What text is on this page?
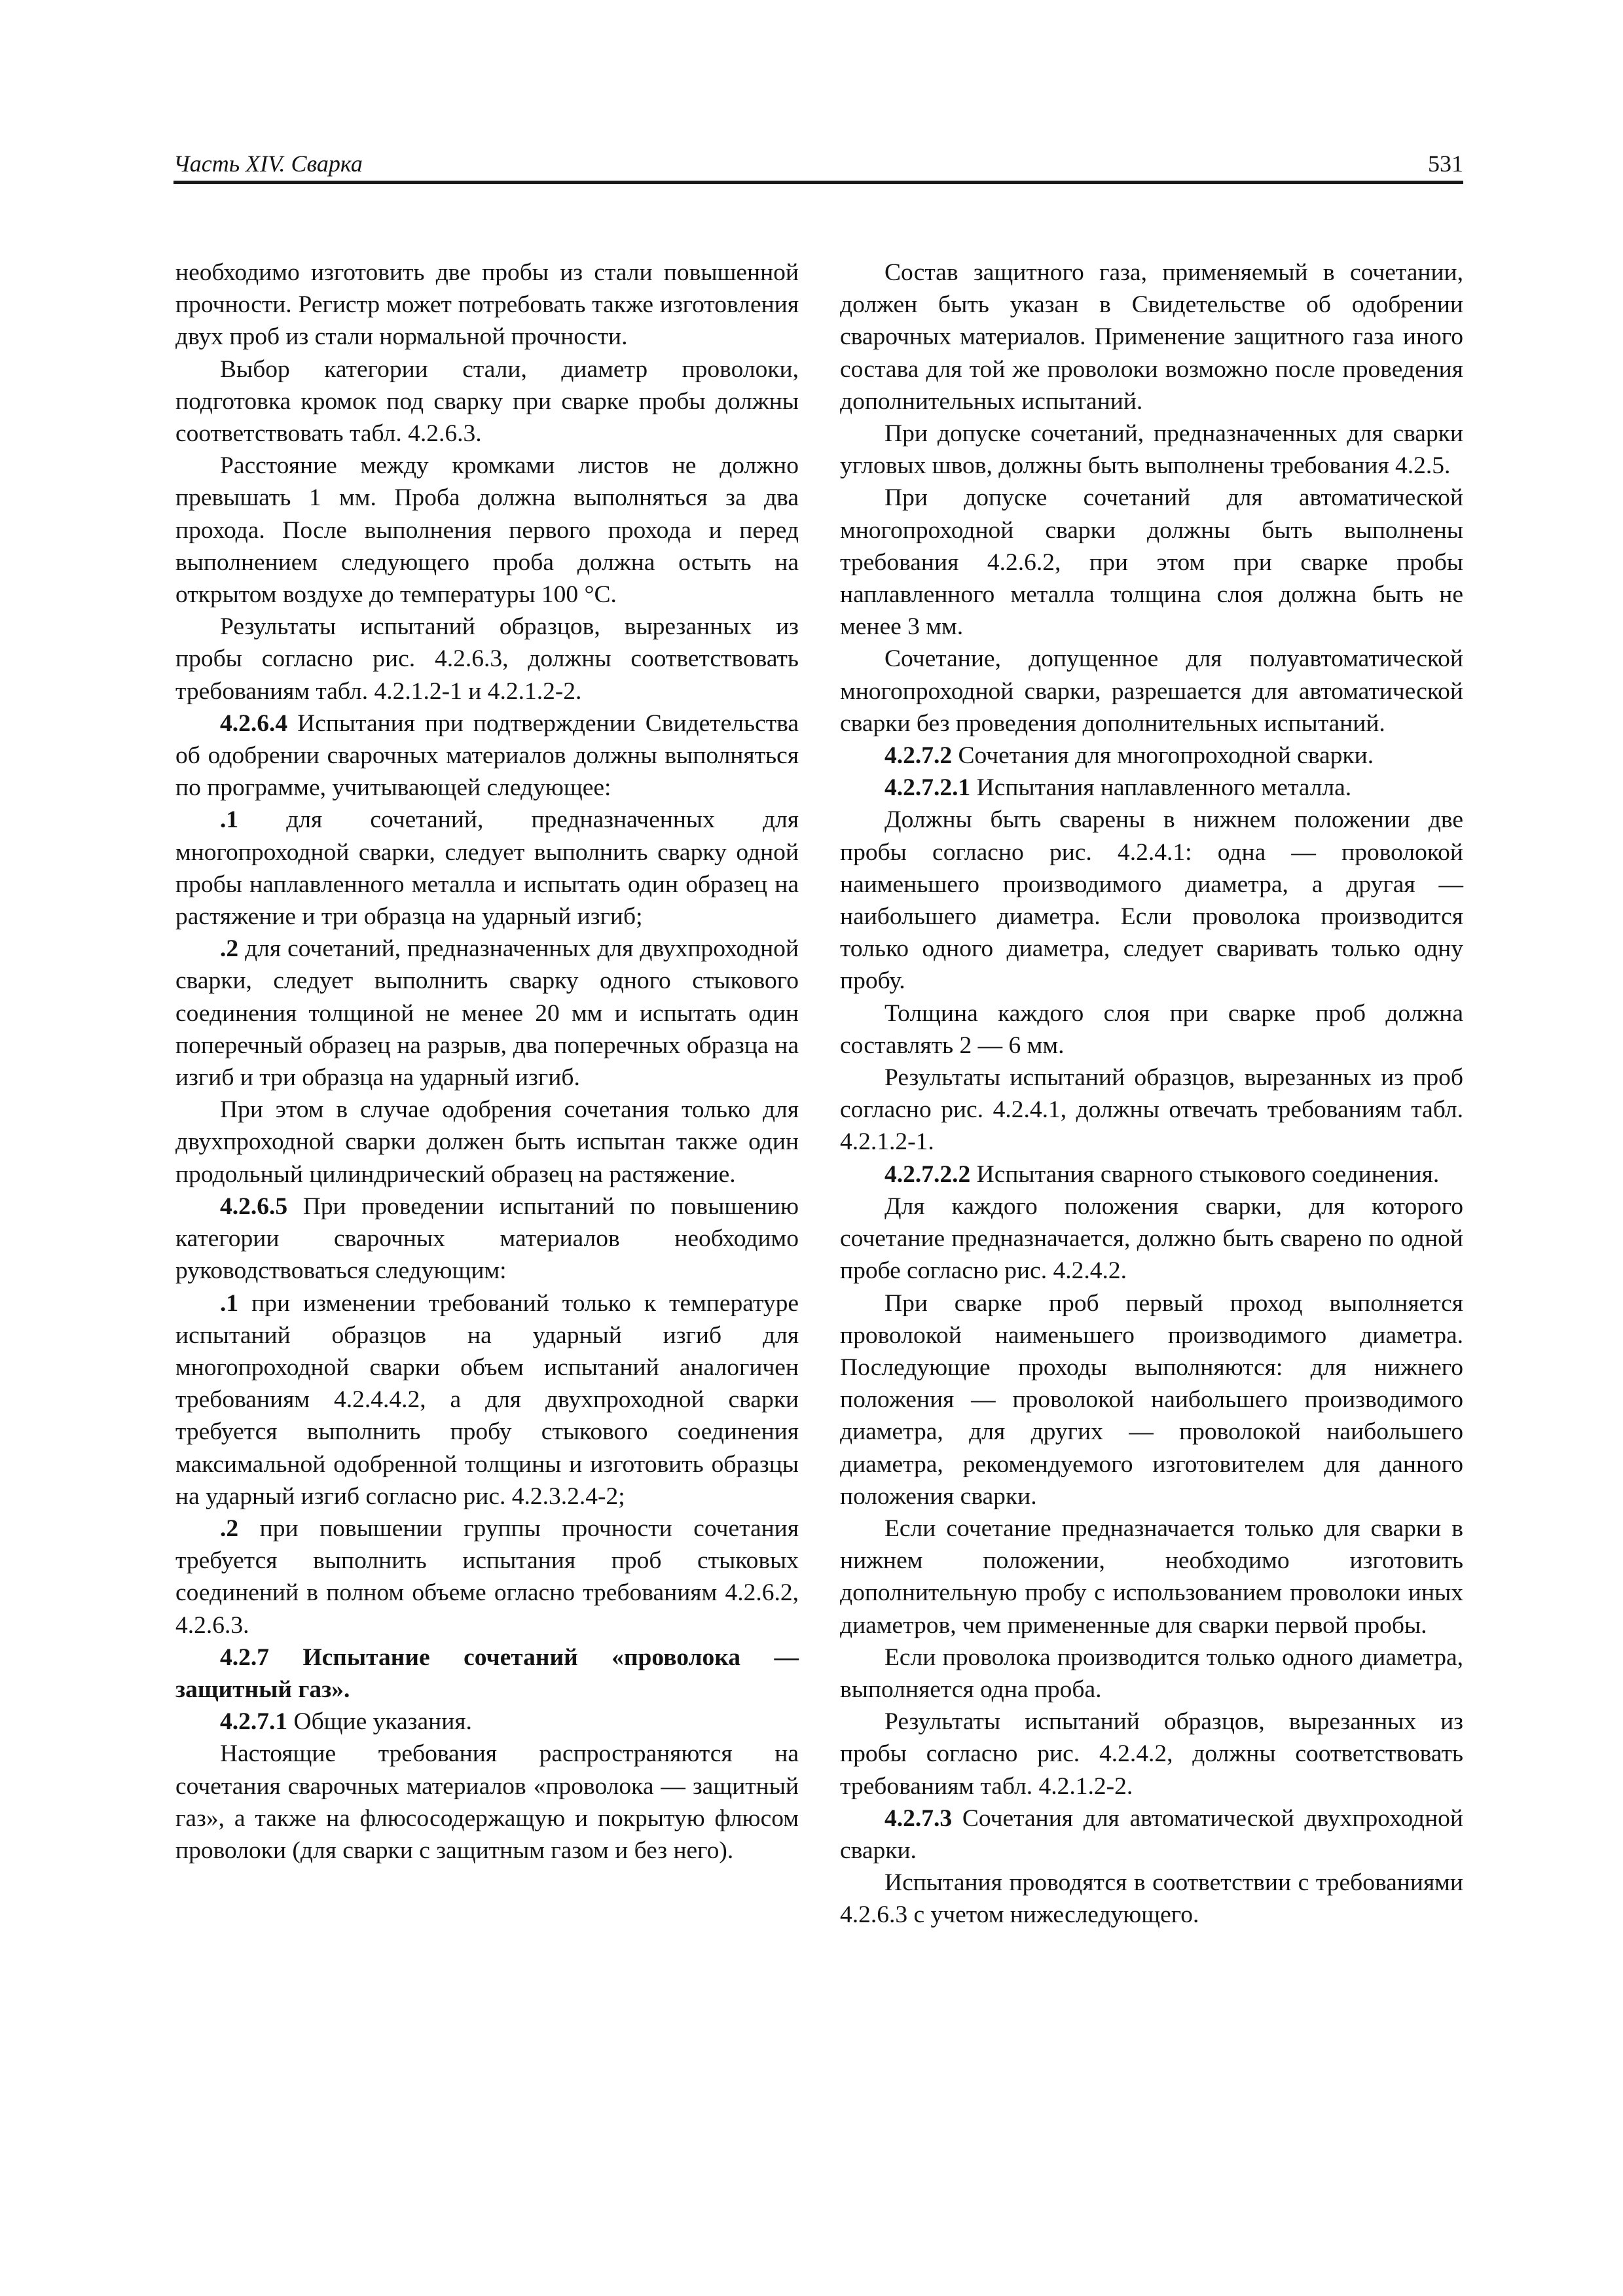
Часть XIV. Сварка	531

необходимо изготовить две пробы из стали повышенной прочности. Регистр может потребовать также изготовления двух проб из стали нормальной прочности.

Выбор категории стали, диаметр проволоки, подготовка кромок под сварку при сварке пробы должны соответствовать табл. 4.2.6.3.

Расстояние между кромками листов не должно превышать 1 мм. Проба должна выполняться за два прохода. После выполнения первого прохода и перед выполнением следующего проба должна остыть на открытом воздухе до температуры 100 °С.

Результаты испытаний образцов, вырезанных из пробы согласно рис. 4.2.6.3, должны соответствовать требованиям табл. 4.2.1.2-1 и 4.2.1.2-2.

4.2.6.4 Испытания при подтверждении Свидетельства об одобрении сварочных материалов должны выполняться по программе, учитывающей следующее:

.1 для сочетаний, предназначенных для многопроходной сварки, следует выполнить сварку одной пробы наплавленного металла и испытать один образец на растяжение и три образца на ударный изгиб;

.2 для сочетаний, предназначенных для двухпроходной сварки, следует выполнить сварку одного стыкового соединения толщиной не менее 20 мм и испытать один поперечный образец на разрыв, два поперечных образца на изгиб и три образца на ударный изгиб.

При этом в случае одобрения сочетания только для двухпроходной сварки должен быть испытан также один продольный цилиндрический образец на растяжение.

4.2.6.5 При проведении испытаний по повышению категории сварочных материалов необходимо руководствоваться следующим:

.1 при изменении требований только к температуре испытаний образцов на ударный изгиб для многопроходной сварки объем испытаний аналогичен требованиям 4.2.4.4.2, а для двухпроходной сварки требуется выполнить пробу стыкового соединения максимальной одобренной толщины и изготовить образцы на ударный изгиб согласно рис. 4.2.3.2.4-2;

.2 при повышении группы прочности сочетания требуется выполнить испытания проб стыковых соединений в полном объеме огласно требованиям 4.2.6.2, 4.2.6.3.

4.2.7 Испытание сочетаний «проволока — защитный газ».

4.2.7.1 Общие указания.

Настоящие требования распространяются на сочетания сварочных материалов «проволока — защитный газ», а также на флюсосодержащую и покрытую флюсом проволоки (для сварки с защитным газом и без него).

Состав защитного газа, применяемый в сочетании, должен быть указан в Свидетельстве об одобрении сварочных материалов. Применение защитного газа иного состава для той же проволоки возможно после проведения дополнительных испытаний.

При допуске сочетаний, предназначенных для сварки угловых швов, должны быть выполнены требования 4.2.5.

При допуске сочетаний для автоматической многопроходной сварки должны быть выполнены требования 4.2.6.2, при этом при сварке пробы наплавленного металла толщина слоя должна быть не менее 3 мм.

Сочетание, допущенное для полуавтоматической многопроходной сварки, разрешается для автоматической сварки без проведения дополнительных испытаний.

4.2.7.2 Сочетания для многопроходной сварки.

4.2.7.2.1 Испытания наплавленного металла.

Должны быть сварены в нижнем положении две пробы согласно рис. 4.2.4.1: одна — проволокой наименьшего производимого диаметра, а другая — наибольшего диаметра. Если проволока производится только одного диаметра, следует сваривать только одну пробу.

Толщина каждого слоя при сварке проб должна составлять 2 — 6 мм.

Результаты испытаний образцов, вырезанных из проб согласно рис. 4.2.4.1, должны отвечать требованиям табл. 4.2.1.2-1.

4.2.7.2.2 Испытания сварного стыкового соединения.

Для каждого положения сварки, для которого сочетание предназначается, должно быть сварено по одной пробе согласно рис. 4.2.4.2.

При сварке проб первый проход выполняется проволокой наименьшего производимого диаметра. Последующие проходы выполняются: для нижнего положения — проволокой наибольшего производимого диаметра, для других — проволокой наибольшего диаметра, рекомендуемого изготовителем для данного положения сварки.

Если сочетание предназначается только для сварки в нижнем положении, необходимо изготовить дополнительную пробу с использованием проволоки иных диаметров, чем примененные для сварки первой пробы.

Если проволока производится только одного диаметра, выполняется одна проба.

Результаты испытаний образцов, вырезанных из пробы согласно рис. 4.2.4.2, должны соответствовать требованиям табл. 4.2.1.2-2.

4.2.7.3 Сочетания для автоматической двухпроходной сварки.

Испытания проводятся в соответствии с требованиями 4.2.6.3 с учетом нижеследующего.
